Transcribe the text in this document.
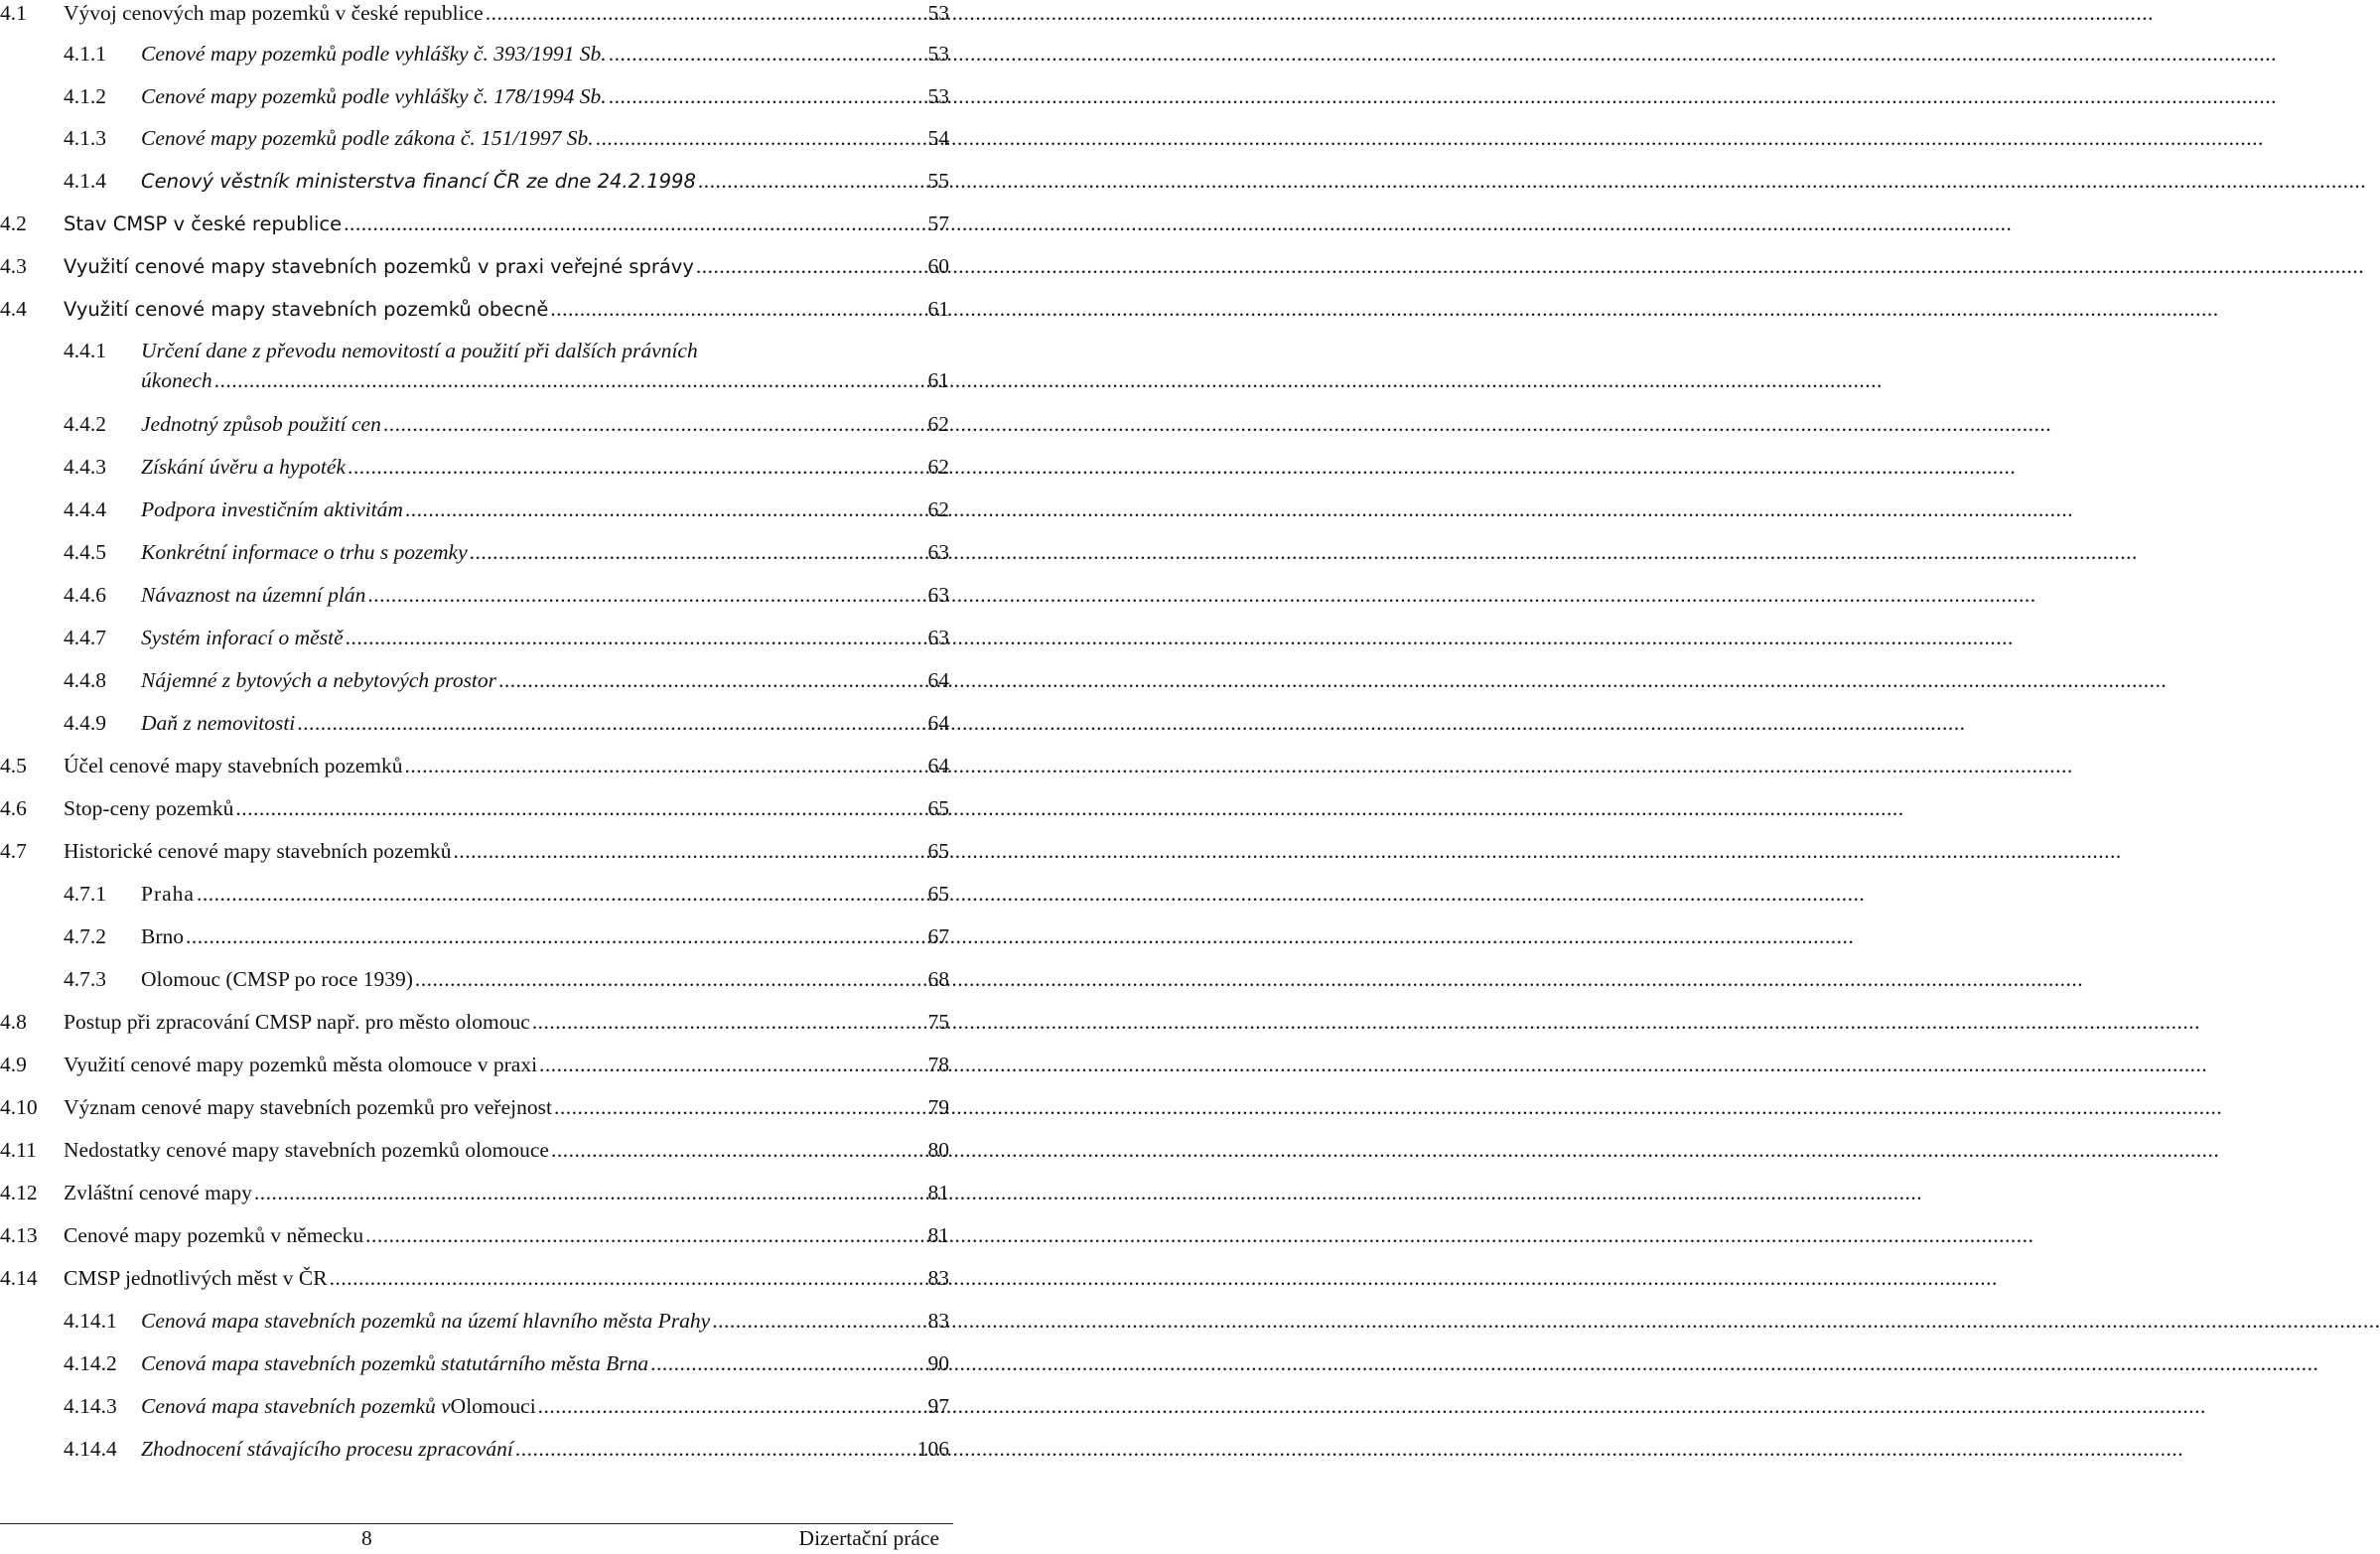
4.1	Vývoj cenových map pozemků v české republice .....	53
4.1.1	Cenové mapy pozemků podle vyhlášky č. 393/1991 Sb. .....	53
4.1.2	Cenové mapy pozemků podle vyhlášky č. 178/1994 Sb. .....	53
4.1.3	Cenové mapy pozemků podle zákona č. 151/1997 Sb. .....	54
4.1.4	Cenový věstník ministerstva financí ČR ze dne 24.2.1998 .....	55
4.2	Stav CMSP v české republice .....	57
4.3	Využití cenové mapy stavebních pozemků v praxi veřejné správy .....	60
4.4	Využití cenové mapy stavebních pozemků obecně .....	61
4.4.1	Určení dane z převodu nemovitostí a použití při dalších právních
úkonech .....	61
4.4.2	Jednotný způsob použití cen .....	62
4.4.3	Získání úvěru a hypoték .....	62
4.4.4	Podpora investičním aktivitám .....	62
4.4.5	Konkrétní informace o trhu s pozemky .....	63
4.4.6	Návaznost na územní plán .....	63
4.4.7	Systém inforací o městě .....	63
4.4.8	Nájemné z bytových a nebytových prostor .....	64
4.4.9	Daň z nemovitosti .....	64
4.5	Účel cenové mapy stavebních pozemků .....	64
4.6	Stop-ceny pozemků .....	65
4.7	Historické cenové mapy stavebních pozemků .....	65
4.7.1	Praha .....	65
4.7.2	Brno .....	67
4.7.3	Olomouc (CMSP po roce 1939) .....	68
4.8	Postup při zpracování CMSP např. pro město olomouc .....	75
4.9	Využití cenové mapy pozemků města olomouce v praxi .....	78
4.10	Význam cenové mapy stavebních pozemků pro veřejnost .....	79
4.11	Nedostatky cenové mapy stavebních pozemků olomouce .....	80
4.12	Zvláštní cenové mapy .....	81
4.13	Cenové mapy pozemků v německu .....	81
4.14	CMSP jednotlivých měst v ČR .....	83
4.14.1	Cenová mapa stavebních pozemků na území hlavního města Prahy .....	83
4.14.2	Cenová mapa stavebních pozemků statutárního města Brna .....	90
4.14.3	Cenová mapa stavebních pozemků v Olomouci .....	97
4.14.4	Zhodnocení stávajícího procesu zpracování .....	106
8	Dizertační práce
